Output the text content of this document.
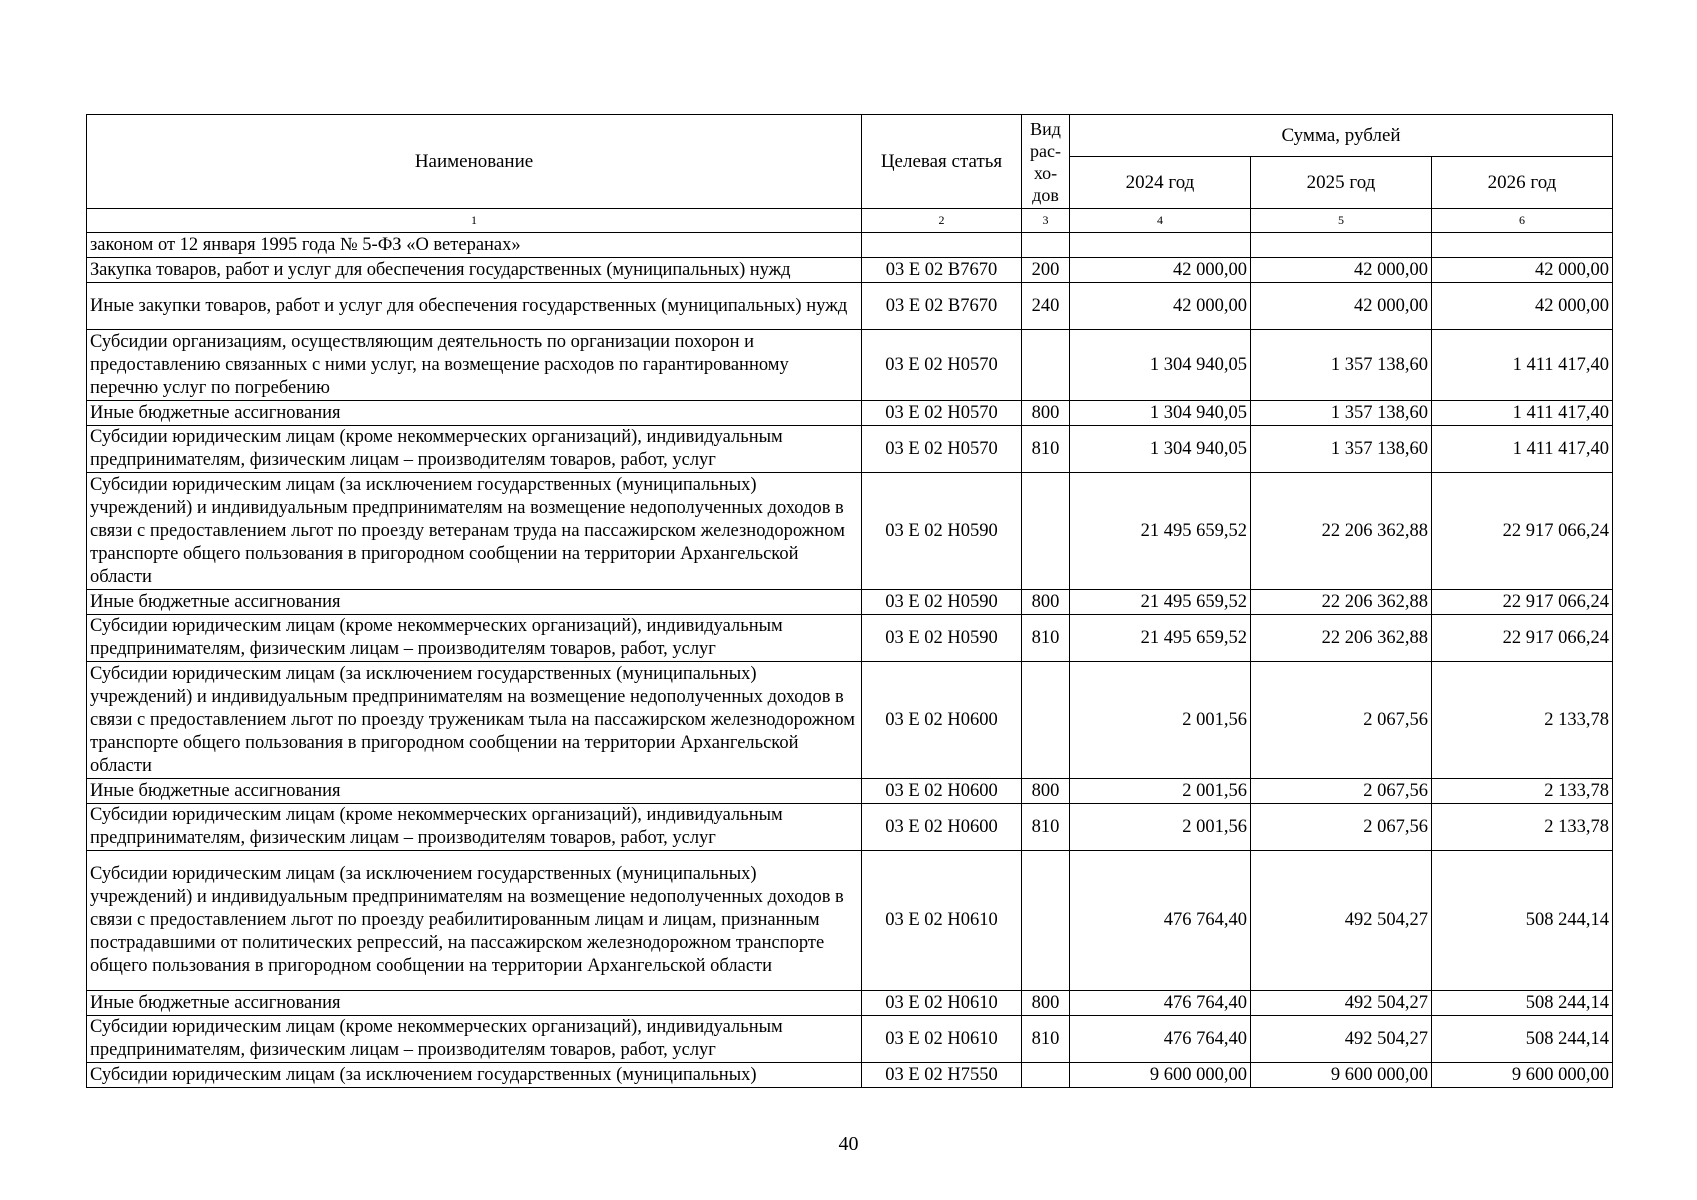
Наименование	Целевая статья	Вид рас-хо-дов	Сумма, рублей		
			2024 год	2025 год	2026 год
1	2	3	4	5	6
законом от 12 января 1995 года № 5-ФЗ «О ветеранах»					
Закупка товаров, работ и услуг для обеспечения государственных (муниципальных) нужд	03 Е 02 В7670	200	42 000,00	42 000,00	42 000,00
Иные закупки товаров, работ и услуг для обеспечения государственных (муниципальных) нужд	03 Е 02 В7670	240	42 000,00	42 000,00	42 000,00
Субсидии организациям, осуществляющим деятельность по организации похорон и предоставлению связанных с ними услуг, на возмещение расходов по гарантированному перечню услуг по погребению	03 Е 02 Н0570		1 304 940,05	1 357 138,60	1 411 417,40
Иные бюджетные ассигнования	03 Е 02 Н0570	800	1 304 940,05	1 357 138,60	1 411 417,40
Субсидии юридическим лицам (кроме некоммерческих организаций), индивидуальным предпринимателям, физическим лицам – производителям товаров, работ, услуг	03 Е 02 Н0570	810	1 304 940,05	1 357 138,60	1 411 417,40
Субсидии юридическим лицам (за исключением государственных (муниципальных) учреждений) и индивидуальным предпринимателям на возмещение недополученных доходов в связи с предоставлением льгот по проезду ветеранам труда на пассажирском железнодорожном транспорте общего пользования в пригородном сообщении на территории Архангельской области	03 Е 02 Н0590		21 495 659,52	22 206 362,88	22 917 066,24
Иные бюджетные ассигнования	03 Е 02 Н0590	800	21 495 659,52	22 206 362,88	22 917 066,24
Субсидии юридическим лицам (кроме некоммерческих организаций), индивидуальным предпринимателям, физическим лицам – производителям товаров, работ, услуг	03 Е 02 Н0590	810	21 495 659,52	22 206 362,88	22 917 066,24
Субсидии юридическим лицам (за исключением государственных (муниципальных) учреждений) и индивидуальным предпринимателям на возмещение недополученных доходов в связи с предоставлением льгот по проезду труженикам тыла на пассажирском железнодорожном транспорте общего пользования в пригородном сообщении на территории Архангельской области	03 Е 02 Н0600		2 001,56	2 067,56	2 133,78
Иные бюджетные ассигнования	03 Е 02 Н0600	800	2 001,56	2 067,56	2 133,78
Субсидии юридическим лицам (кроме некоммерческих организаций), индивидуальным предпринимателям, физическим лицам – производителям товаров, работ, услуг	03 Е 02 Н0600	810	2 001,56	2 067,56	2 133,78
Субсидии юридическим лицам (за исключением государственных (муниципальных) учреждений) и индивидуальным предпринимателям на возмещение недополученных доходов в связи с предоставлением льгот по проезду реабилитированным лицам и лицам, признанным пострадавшими от политических репрессий, на пассажирском железнодорожном транспорте общего пользования в пригородном сообщении на территории Архангельской области	03 Е 02 Н0610		476 764,40	492 504,27	508 244,14
Иные бюджетные ассигнования	03 Е 02 Н0610	800	476 764,40	492 504,27	508 244,14
Субсидии юридическим лицам (кроме некоммерческих организаций), индивидуальным предпринимателям, физическим лицам – производителям товаров, работ, услуг	03 Е 02 Н0610	810	476 764,40	492 504,27	508 244,14
Субсидии юридическим лицам (за исключением государственных (муниципальных)	03 Е 02 Н7550		9 600 000,00	9 600 000,00	9 600 000,00
40
